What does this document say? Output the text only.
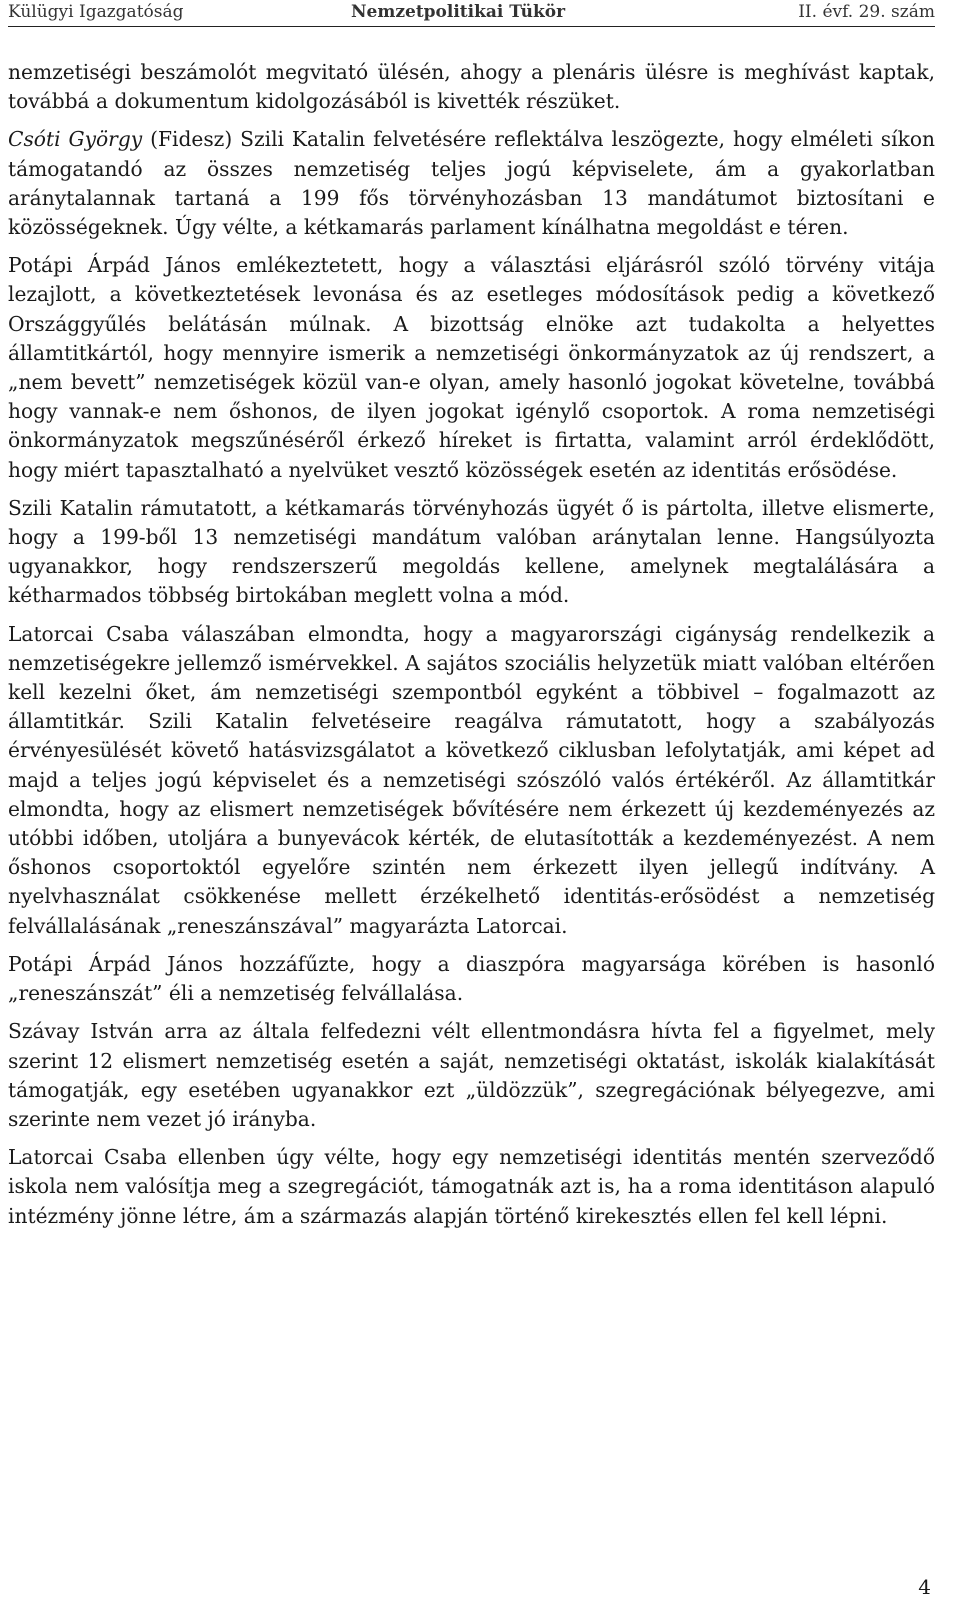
Külügyi Igazgatóság	Nemzetpolitikai Tükör	II. évf. 29. szám

nemzetiségi beszámolót megvitató ülésén, ahogy a plenáris ülésre is meghívást kaptak, továbbá a dokumentum kidolgozásából is kivették részüket.

Csóti György (Fidesz) Szili Katalin felvetésére reflektálva leszögezte, hogy elméleti síkon támogatandó az összes nemzetiség teljes jogú képviselete, ám a gyakorlatban aránytalannak tartaná a 199 fős törvényhozásban 13 mandátumot biztosítani e közösségeknek. Úgy vélte, a kétkamarás parlament kínálhatna megoldást e téren.

Potápi Árpád János emlékeztetett, hogy a választási eljárásról szóló törvény vitája lezajlott, a következtetések levonása és az esetleges módosítások pedig a következő Országgyűlés belátásán múlnak. A bizottság elnöke azt tudakolta a helyettes államtitkártól, hogy mennyire ismerik a nemzetiségi önkormányzatok az új rendszert, a „nem bevett” nemzetiségek közül van-e olyan, amely hasonló jogokat követelne, továbbá hogy vannak-e nem őshonos, de ilyen jogokat igénylő csoportok. A roma nemzetiségi önkormányzatok megszűnéséről érkező híreket is firtatta, valamint arról érdeklődött, hogy miért tapasztalható a nyelvüket vesztő közösségek esetén az identitás erősödése.

Szili Katalin rámutatott, a kétkamarás törvényhozás ügyét ő is pártolta, illetve elismerte, hogy a 199-ből 13 nemzetiségi mandátum valóban aránytalan lenne. Hangsúlyozta ugyanakkor, hogy rendszerszerű megoldás kellene, amelynek megtalálására a kétharmados többség birtokában meglett volna a mód.

Latorcai Csaba válaszában elmondta, hogy a magyarországi cigányság rendelkezik a nemzetiségekre jellemző ismérvekkel. A sajátos szociális helyzetük miatt valóban eltérően kell kezelni őket, ám nemzetiségi szempontból egyként a többivel – fogalmazott az államtitkár. Szili Katalin felvetéseire reagálva rámutatott, hogy a szabályozás érvényesülését követő hatásvizsgálatot a következő ciklusban lefolytatják, ami képet ad majd a teljes jogú képviselet és a nemzetiségi szószóló valós értékéről. Az államtitkár elmondta, hogy az elismert nemzetiségek bővítésére nem érkezett új kezdeményezés az utóbbi időben, utoljára a bunyevácok kérték, de elutasították a kezdeményezést. A nem őshonos csoportoktól egyelőre szintén nem érkezett ilyen jellegű indítvány. A nyelvhasználat csökkenése mellett érzékelhető identitás-erősödést a nemzetiség felvállalásának „reneszánszával” magyarázta Latorcai.

Potápi Árpád János hozzáfűzte, hogy a diaszpóra magyarsága körében is hasonló „reneszánszát” éli a nemzetiség felvállalása.

Szávay István arra az általa felfedezni vélt ellentmondásra hívta fel a figyelmet, mely szerint 12 elismert nemzetiség esetén a saját, nemzetiségi oktatást, iskolák kialakítását támogatják, egy esetében ugyanakkor ezt „üldözzük”, szegregációnak bélyegezve, ami szerinte nem vezet jó irányba.

Latorcai Csaba ellenben úgy vélte, hogy egy nemzetiségi identitás mentén szerveződő iskola nem valósítja meg a szegregációt, támogatnák azt is, ha a roma identitáson alapuló intézmény jönne létre, ám a származás alapján történő kirekesztés ellen fel kell lépni.

4
